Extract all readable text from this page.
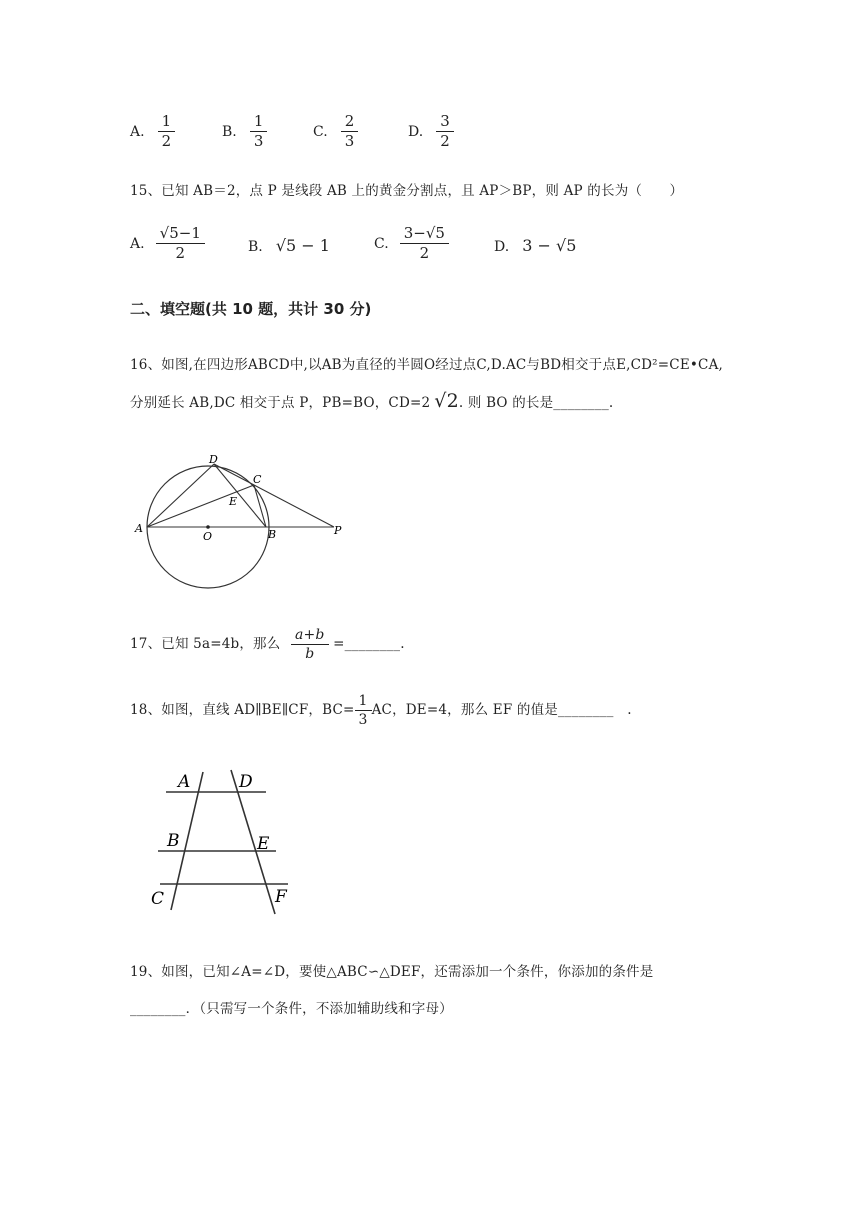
A. $\frac{1}{2}$	B. $\frac{1}{3}$	C. $\frac{2}{3}$	D. $\frac{3}{2}$
15、已知 AB＝2，点 P 是线段 AB 上的黄金分割点，且 AP＞BP，则 AP 的长为（　　）
A. $\frac{√5-1}{2}$	B. √5 − 1	C. $\frac{3-√5}{2}$	D. 3 − √5
二、填空题(共 10 题，共计 30 分)
16、如图,在四边形ABCD中,以AB为直径的半圆O经过点C,D.AC与BD相交于点E,CD²=CE•CA,
分别延长 AB,DC 相交于点 P，PB=BO，CD=2 √2. 则 BO 的长是________.
A
D
C
E
O	B	P
17、已知 5a=4b，那么 $\frac{a+b}{b}$ =________.
18、如图，直线 AD∥BE∥CF，$BC= \frac{1}{3}$ AC，DE=4，那么 EF 的值是________　.
A	D
B	E
C	F
19、如图，已知∠A=∠D，要使△ABC∽△DEF，还需添加一个条件，你添加的条件是
________．（只需写一个条件，不添加辅助线和字母）
